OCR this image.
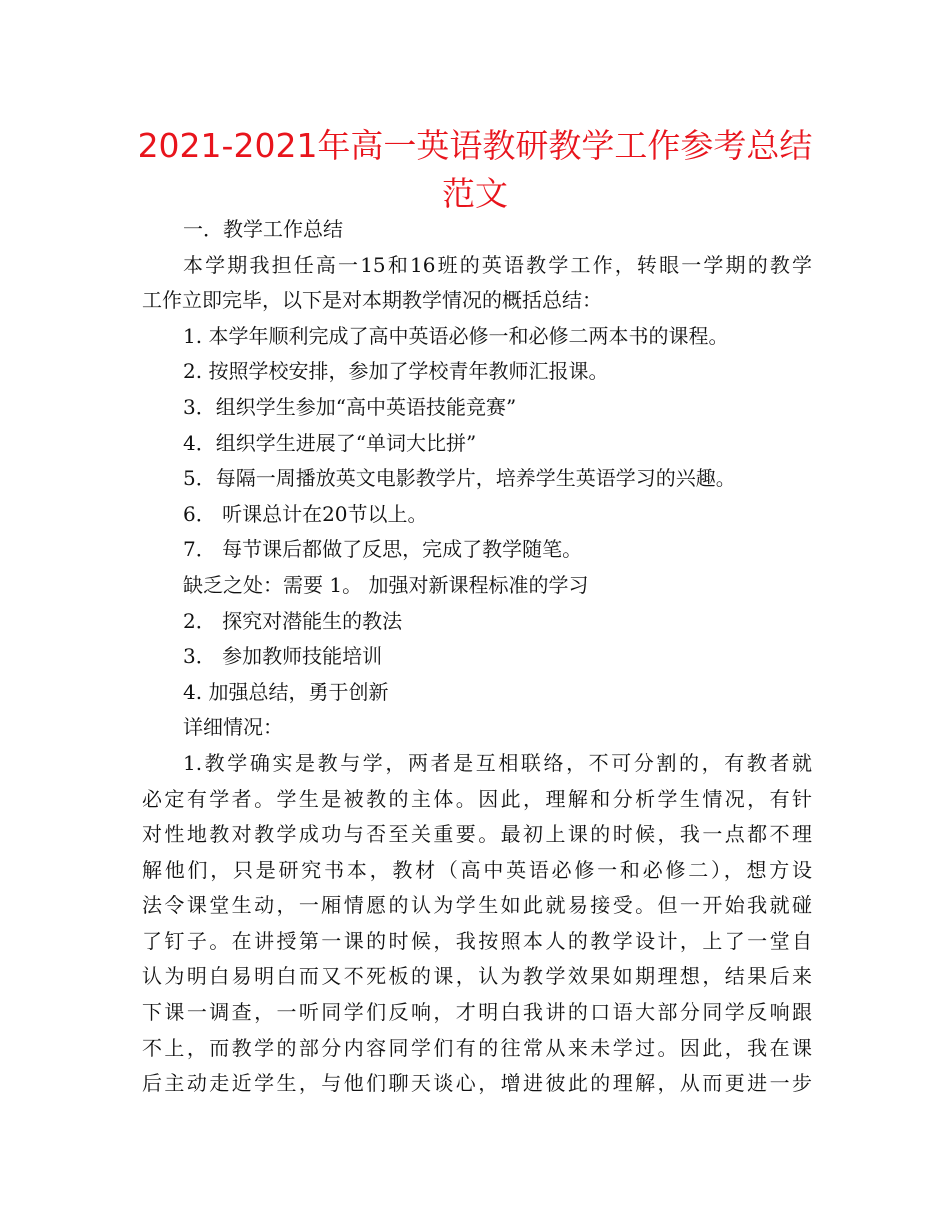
2021-2021年高一英语教研教学工作参考总结
范文

一．教学工作总结

本学期我担任高一15和16班的英语教学工作，转眼一学期的教学

工作立即完毕，以下是对本期教学情况的概括总结：

1. 本学年顺利完成了高中英语必修一和必修二两本书的课程。

2. 按照学校安排，参加了学校青年教师汇报课。

3．组织学生参加“高中英语技能竞赛”

4．组织学生进展了“单词大比拼”

5．每隔一周播放英文电影教学片，培养学生英语学习的兴趣。

6． 听课总计在20节以上。

7． 每节课后都做了反思，完成了教学随笔。

缺乏之处：需要 1。 加强对新课程标准的学习

2． 探究对潜能生的教法

3． 参加教师技能培训

4. 加强总结，勇于创新

详细情况：

1.教学确实是教与学，两者是互相联络，不可分割的，有教者就

必定有学者。学生是被教的主体。因此，理解和分析学生情况，有针

对性地教对教学成功与否至关重要。最初上课的时候，我一点都不理

解他们，只是研究书本，教材（高中英语必修一和必修二），想方设

法令课堂生动，一厢情愿的认为学生如此就易接受。但一开始我就碰

了钉子。在讲授第一课的时候，我按照本人的教学设计，上了一堂自

认为明白易明白而又不死板的课，认为教学效果如期理想，结果后来

下课一调查，一听同学们反响，才明白我讲的口语大部分同学反响跟

不上，而教学的部分内容同学们有的往常从来未学过。因此，我在课

后主动走近学生，与他们聊天谈心，增进彼此的理解，从而更进一步
